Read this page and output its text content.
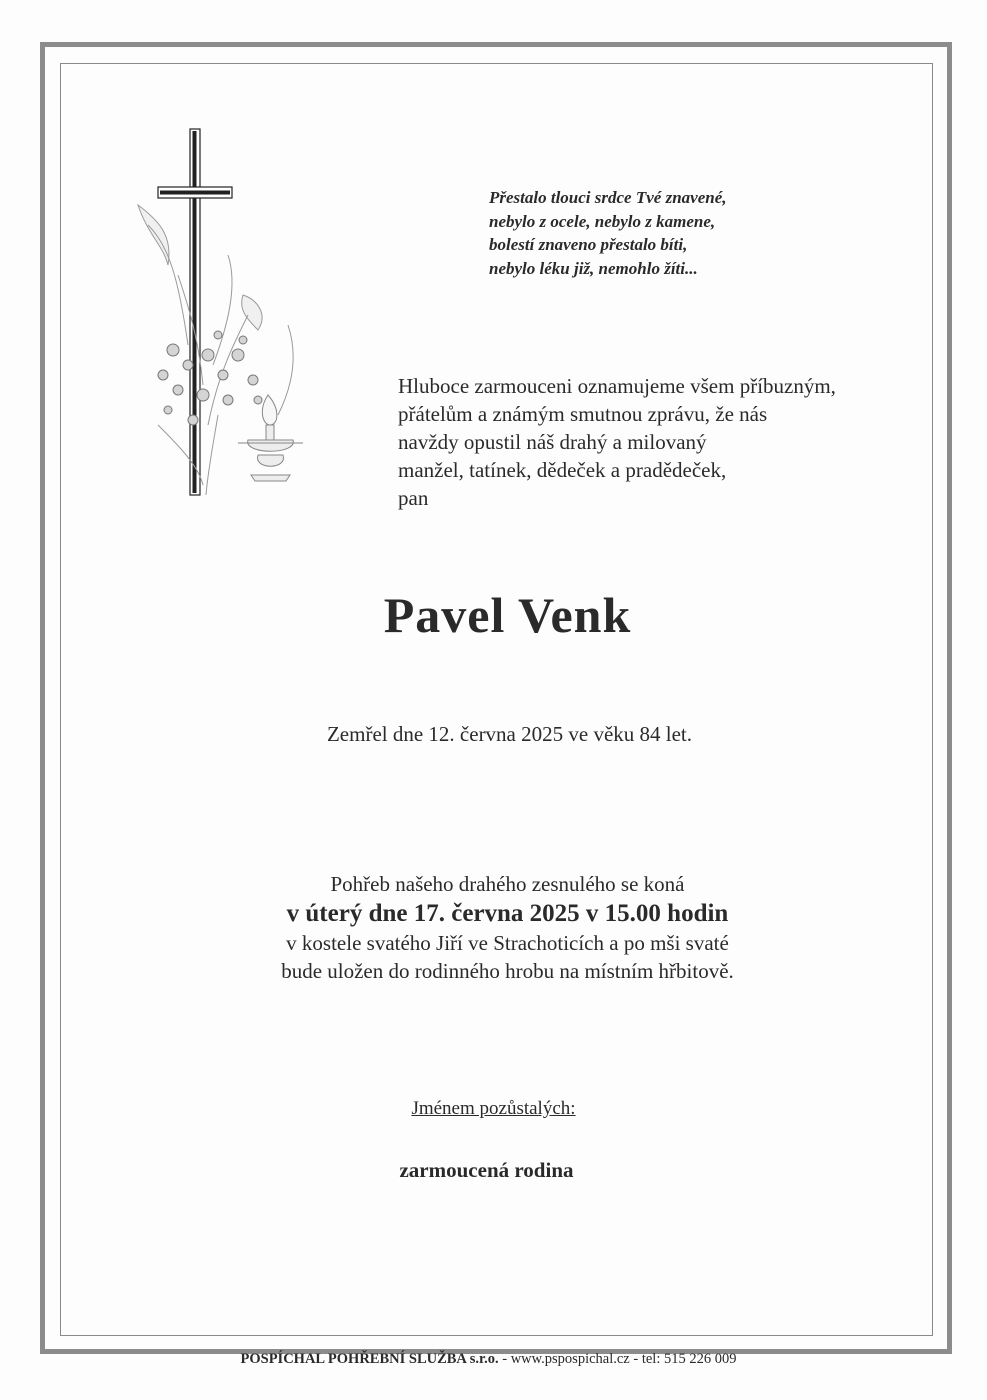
Přestalo tlouci srdce Tvé znavené,
nebylo z ocele, nebylo z kamene,
bolestí znaveno přestalo bíti,
nebylo léku již, nemohlo žíti...
Hluboce zarmouceni oznamujeme všem příbuzným,
přátelům a známým smutnou zprávu, že nás
navždy opustil náš drahý a milovaný
manžel, tatínek, dědeček a pradědeček,
pan
Pavel Venk
Zemřel dne 12. června 2025 ve věku 84 let.
Pohřeb našeho drahého zesnulého se koná
v úterý dne 17. června 2025 v 15.00 hodin
v kostele svatého Jiří ve Strachoticích a po mši svaté
bude uložen do rodinného hrobu na místním hřbitově.
Jménem pozůstalých:
zarmoucená rodina
POSPÍCHAL POHŘEBNÍ SLUŽBA s.r.o. - www.pspospichal.cz - tel: 515 226 009
